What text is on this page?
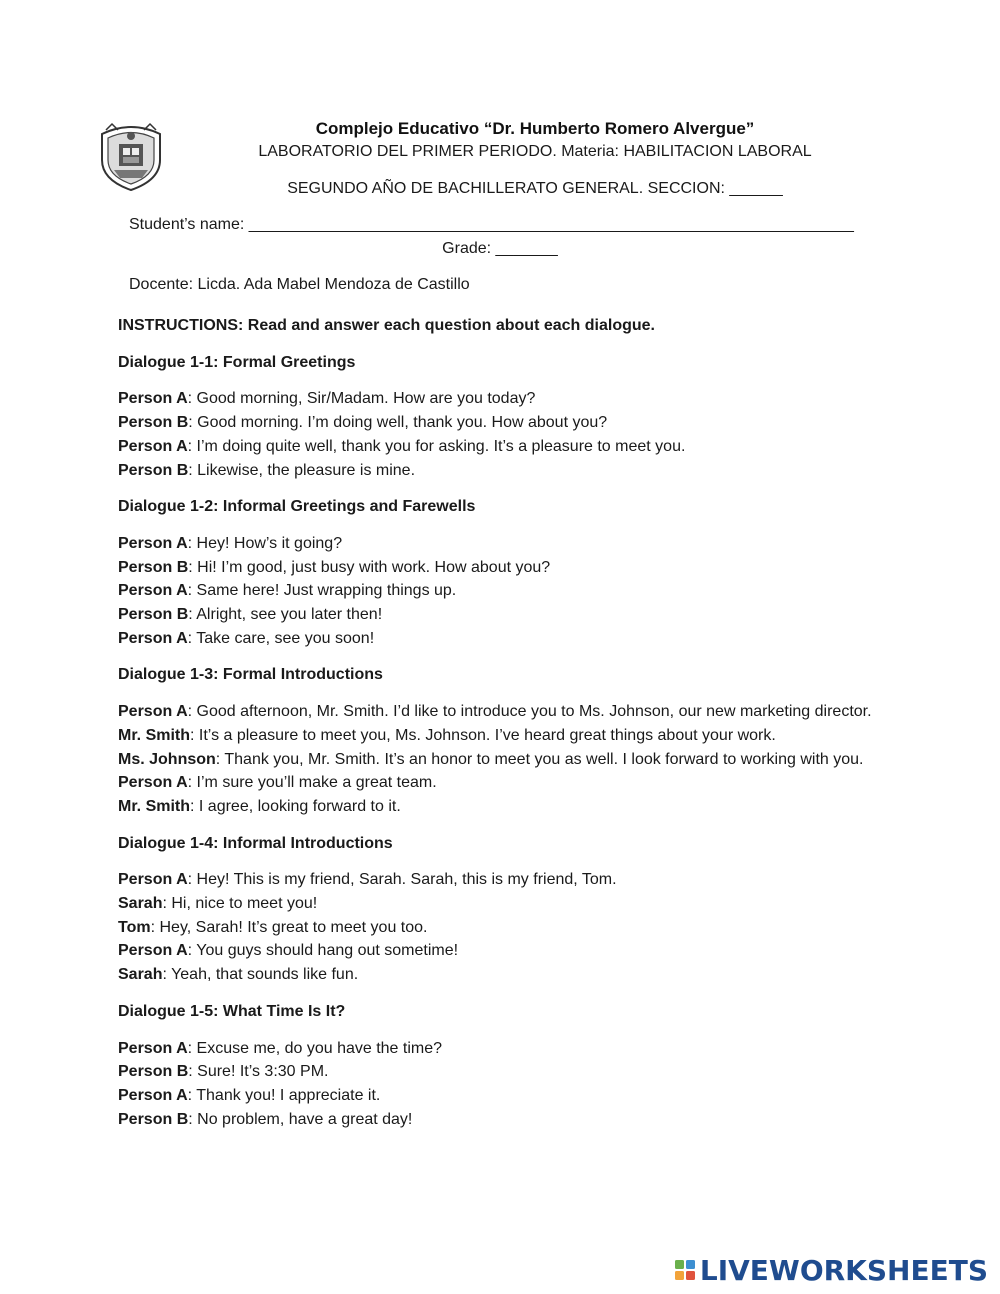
Complejo Educativo “Dr. Humberto Romero Alvergue”
LABORATORIO DEL PRIMER PERIODO. Materia: HABILITACION LABORAL
SEGUNDO AÑO DE BACHILLERATO GENERAL. SECCION: ______
Student’s name: ____________________________________________________________________
Grade: _______
Docente: Licda. Ada Mabel Mendoza de Castillo
INSTRUCTIONS: Read and answer each question about each dialogue.
Dialogue 1-1: Formal Greetings
Person A: Good morning, Sir/Madam. How are you today?
Person B: Good morning. I’m doing well, thank you. How about you?
Person A: I’m doing quite well, thank you for asking. It’s a pleasure to meet you.
Person B: Likewise, the pleasure is mine.
Dialogue 1-2: Informal Greetings and Farewells
Person A: Hey! How’s it going?
Person B: Hi! I’m good, just busy with work. How about you?
Person A: Same here! Just wrapping things up.
Person B: Alright, see you later then!
Person A: Take care, see you soon!
Dialogue 1-3: Formal Introductions
Person A: Good afternoon, Mr. Smith. I’d like to introduce you to Ms. Johnson, our new marketing director.
Mr. Smith: It’s a pleasure to meet you, Ms. Johnson. I’ve heard great things about your work.
Ms. Johnson: Thank you, Mr. Smith. It’s an honor to meet you as well. I look forward to working with you.
Person A: I’m sure you’ll make a great team.
Mr. Smith: I agree, looking forward to it.
Dialogue 1-4: Informal Introductions
Person A: Hey! This is my friend, Sarah. Sarah, this is my friend, Tom.
Sarah: Hi, nice to meet you!
Tom: Hey, Sarah! It’s great to meet you too.
Person A: You guys should hang out sometime!
Sarah: Yeah, that sounds like fun.
Dialogue 1-5: What Time Is It?
Person A: Excuse me, do you have the time?
Person B: Sure! It’s 3:30 PM.
Person A: Thank you! I appreciate it.
Person B: No problem, have a great day!
LIVEWORKSHEETS
